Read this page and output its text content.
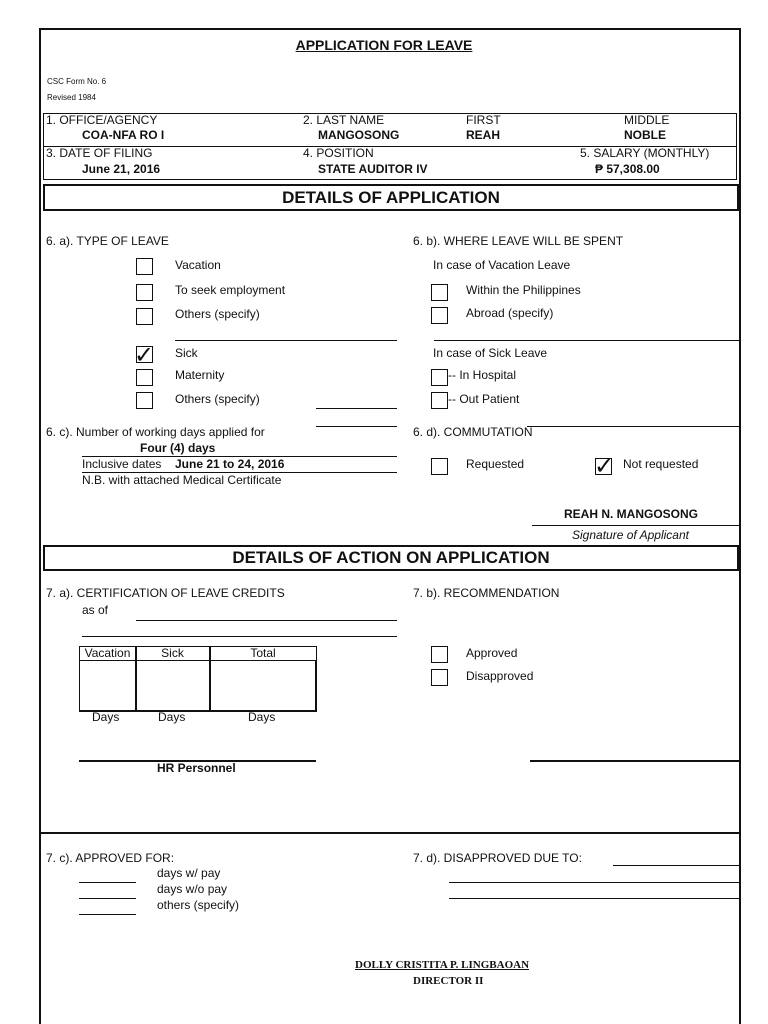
APPLICATION FOR LEAVE
CSC Form No. 6
Revised 1984
1. OFFICE/AGENCY
COA-NFA RO I
2. LAST NAME
MANGOSONG
FIRST
REAH
MIDDLE
NOBLE
3. DATE OF FILING
June 21, 2016
4. POSITION
STATE AUDITOR IV
5. SALARY (MONTHLY)
₱ 57,308.00
DETAILS OF APPLICATION
6. a). TYPE OF LEAVE
Vacation
To seek employment
Others (specify)
✓ Sick
Maternity
Others (specify)
6. b). WHERE LEAVE WILL BE SPENT
In case of Vacation Leave
Within the Philippines
Abroad (specify)
In case of Sick Leave
-- In Hospital
-- Out Patient
6. c). Number of working days applied for
Four (4) days
Inclusive dates June 21 to 24, 2016
N.B. with attached Medical Certificate
6. d). COMMUTATION
Requested	✓ Not requested
REAH N. MANGOSONG
Signature of Applicant
DETAILS OF ACTION ON APPLICATION
7. a). CERTIFICATION OF LEAVE CREDITS
as of
Vacation	Sick	Total
Days	Days	Days
HR Personnel
7. b). RECOMMENDATION
Approved
Disapproved
7. c). APPROVED FOR:
days w/ pay
days w/o pay
others (specify)
7. d). DISAPPROVED DUE TO:
DOLLY CRISTITA P. LINGBAOAN
DIRECTOR II
